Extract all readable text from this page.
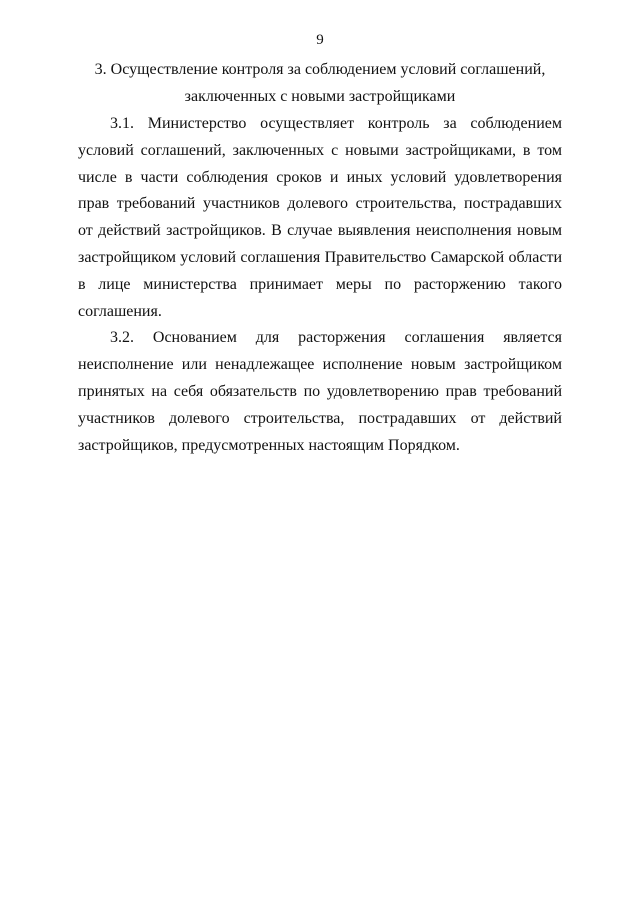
9
3. Осуществление контроля за соблюдением условий соглашений,
заключенных с новыми застройщиками

3.1. Министерство осуществляет контроль за соблюдением условий соглашений, заключенных с новыми застройщиками, в том числе в части соблюдения сроков и иных условий удовлетворения прав требований участников долевого строительства, пострадавших от действий застройщиков. В случае выявления неисполнения новым застройщиком условий соглашения Правительство Самарской области в лице министерства принимает меры по расторжению такого соглашения.

3.2. Основанием для расторжения соглашения является неисполнение или ненадлежащее исполнение новым застройщиком принятых на себя обязательств по удовлетворению прав требований участников долевого строительства, пострадавших от действий застройщиков, предусмотренных настоящим Порядком.
